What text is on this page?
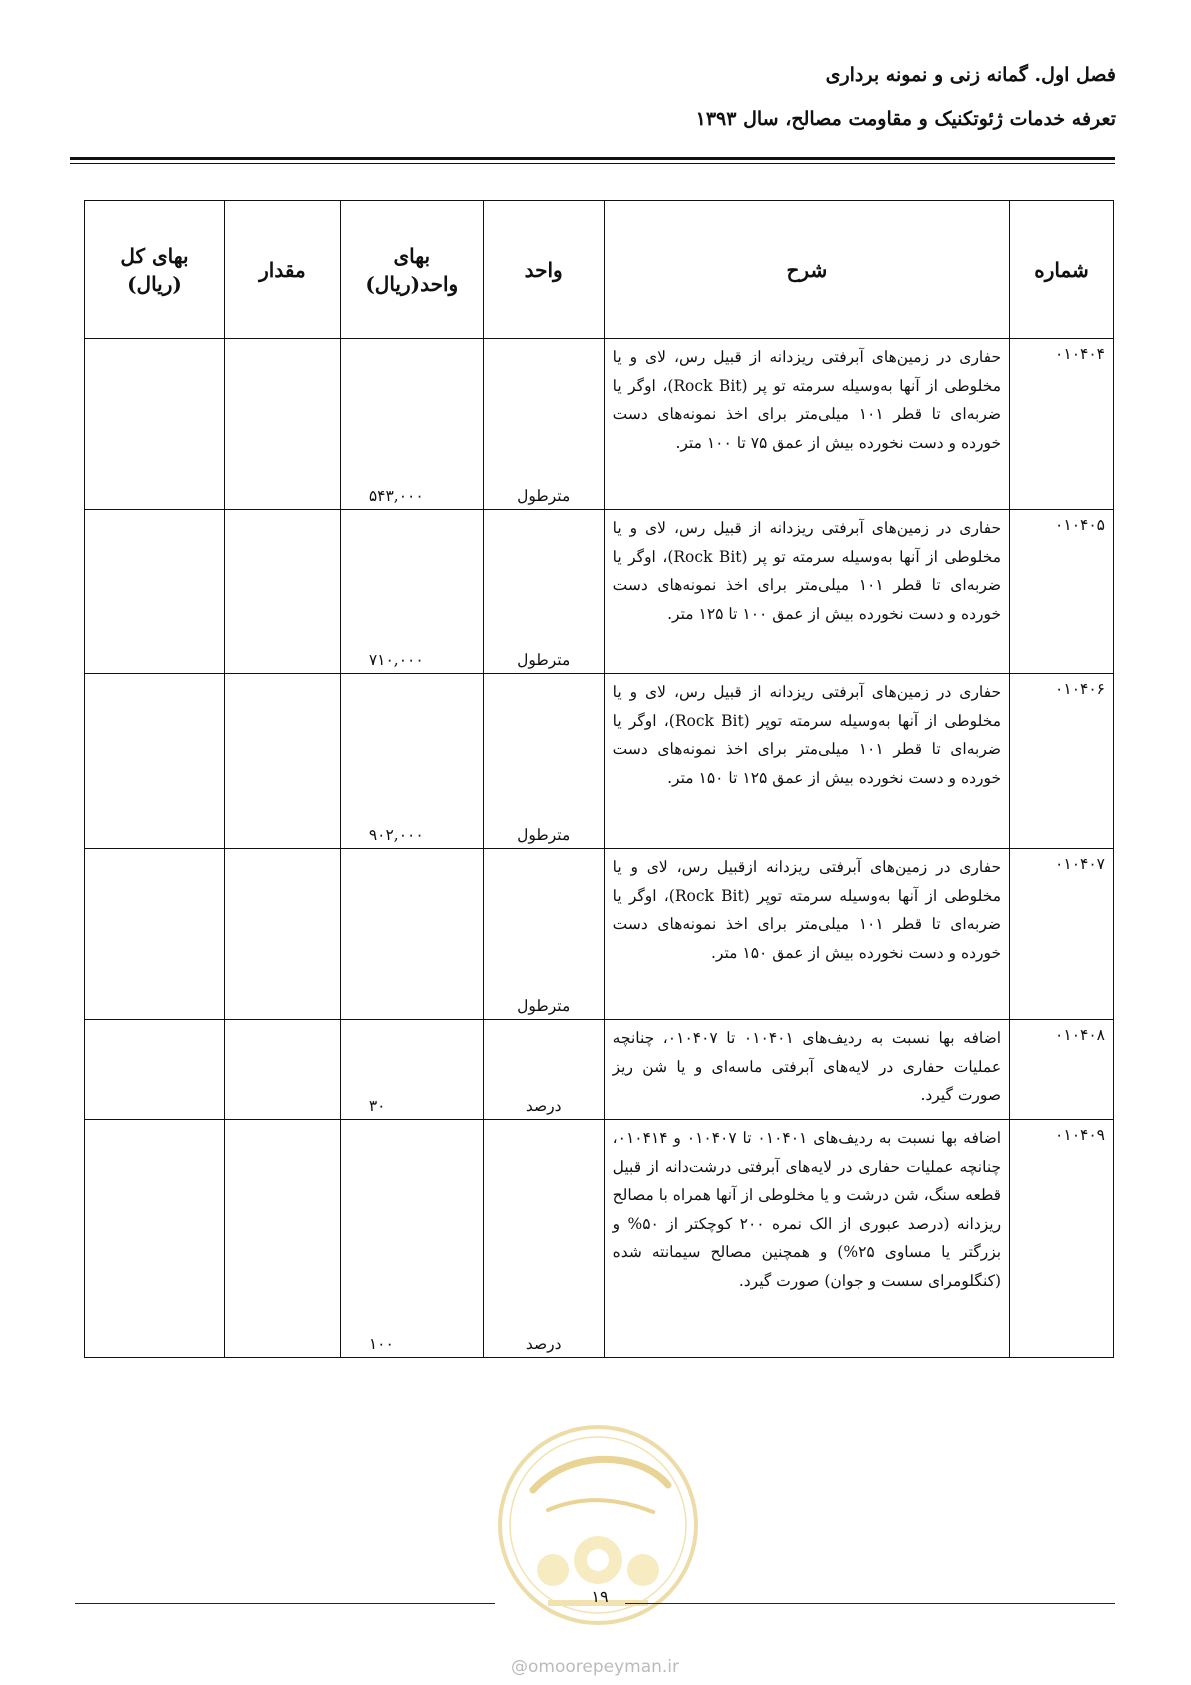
فصل اول. گمانه زنی و نمونه برداری
تعرفه خدمات ژئوتکنیک و مقاومت مصالح، سال ۱۳۹۳
شماره	شرح	واحد	بهای واحد(ریال)	مقدار	بهای کل (ریال)
۰۱۰۴۰۴	حفاری در زمین‌های آبرفتی ریزدانه از قبیل رس، لای و یا مخلوطی از آنها به‌وسیله سرمته تو پر (Rock Bit)، اوگر یا ضربه‌ای تا قطر ۱۰۱ میلی‌متر برای اخذ نمونه‌های دست خورده و دست نخورده بیش از عمق ۷۵ تا ۱۰۰ متر.	مترطول	۵۴۳,۰۰۰		
۰۱۰۴۰۵	حفاری در زمین‌های آبرفتی ریزدانه از قبیل رس، لای و یا مخلوطی از آنها به‌وسیله سرمته تو پر (Rock Bit)، اوگر یا ضربه‌ای تا قطر ۱۰۱ میلی‌متر برای اخذ نمونه‌های دست خورده و دست نخورده بیش از عمق ۱۰۰ تا ۱۲۵ متر.	مترطول	۷۱۰,۰۰۰		
۰۱۰۴۰۶	حفاری در زمین‌های آبرفتی ریزدانه از قبیل رس، لای و یا مخلوطی از آنها به‌وسیله سرمته توپر (Rock Bit)، اوگر یا ضربه‌ای تا قطر ۱۰۱ میلی‌متر برای اخذ نمونه‌های دست خورده و دست نخورده بیش از عمق ۱۲۵ تا ۱۵۰ متر.	مترطول	۹۰۲,۰۰۰		
۰۱۰۴۰۷	حفاری در زمین‌های آبرفتی ریزدانه ازقبیل رس، لای و یا مخلوطی از آنها به‌وسیله سرمته توپر (Rock Bit)، اوگر یا ضربه‌ای تا قطر ۱۰۱ میلی‌متر برای اخذ نمونه‌های دست خورده و دست نخورده بیش از عمق ۱۵۰ متر.	مترطول			
۰۱۰۴۰۸	اضافه بها نسبت به ردیف‌های ۰۱۰۴۰۱ تا ۰۱۰۴۰۷، چنانچه عملیات حفاری در لایه‌های آبرفتی ماسه‌ای و یا شن ریز صورت گیرد.	درصد	۳۰		
۰۱۰۴۰۹	اضافه بها نسبت به ردیف‌های ۰۱۰۴۰۱ تا ۰۱۰۴۰۷ و ۰۱۰۴۱۴، چنانچه عملیات حفاری در لایه‌های آبرفتی درشت‌دانه از قبیل قطعه سنگ، شن درشت و یا مخلوطی از آنها همراه با مصالح ریزدانه (درصد عبوری از الک نمره ۲۰۰ کوچکتر از ۵۰% و بزرگتر یا مساوی ۲۵%) و همچنین مصالح سیمانته شده (کنگلومرای سست و جوان) صورت گیرد.	درصد	۱۰۰		
۱۹
@omoorepeyman.ir
